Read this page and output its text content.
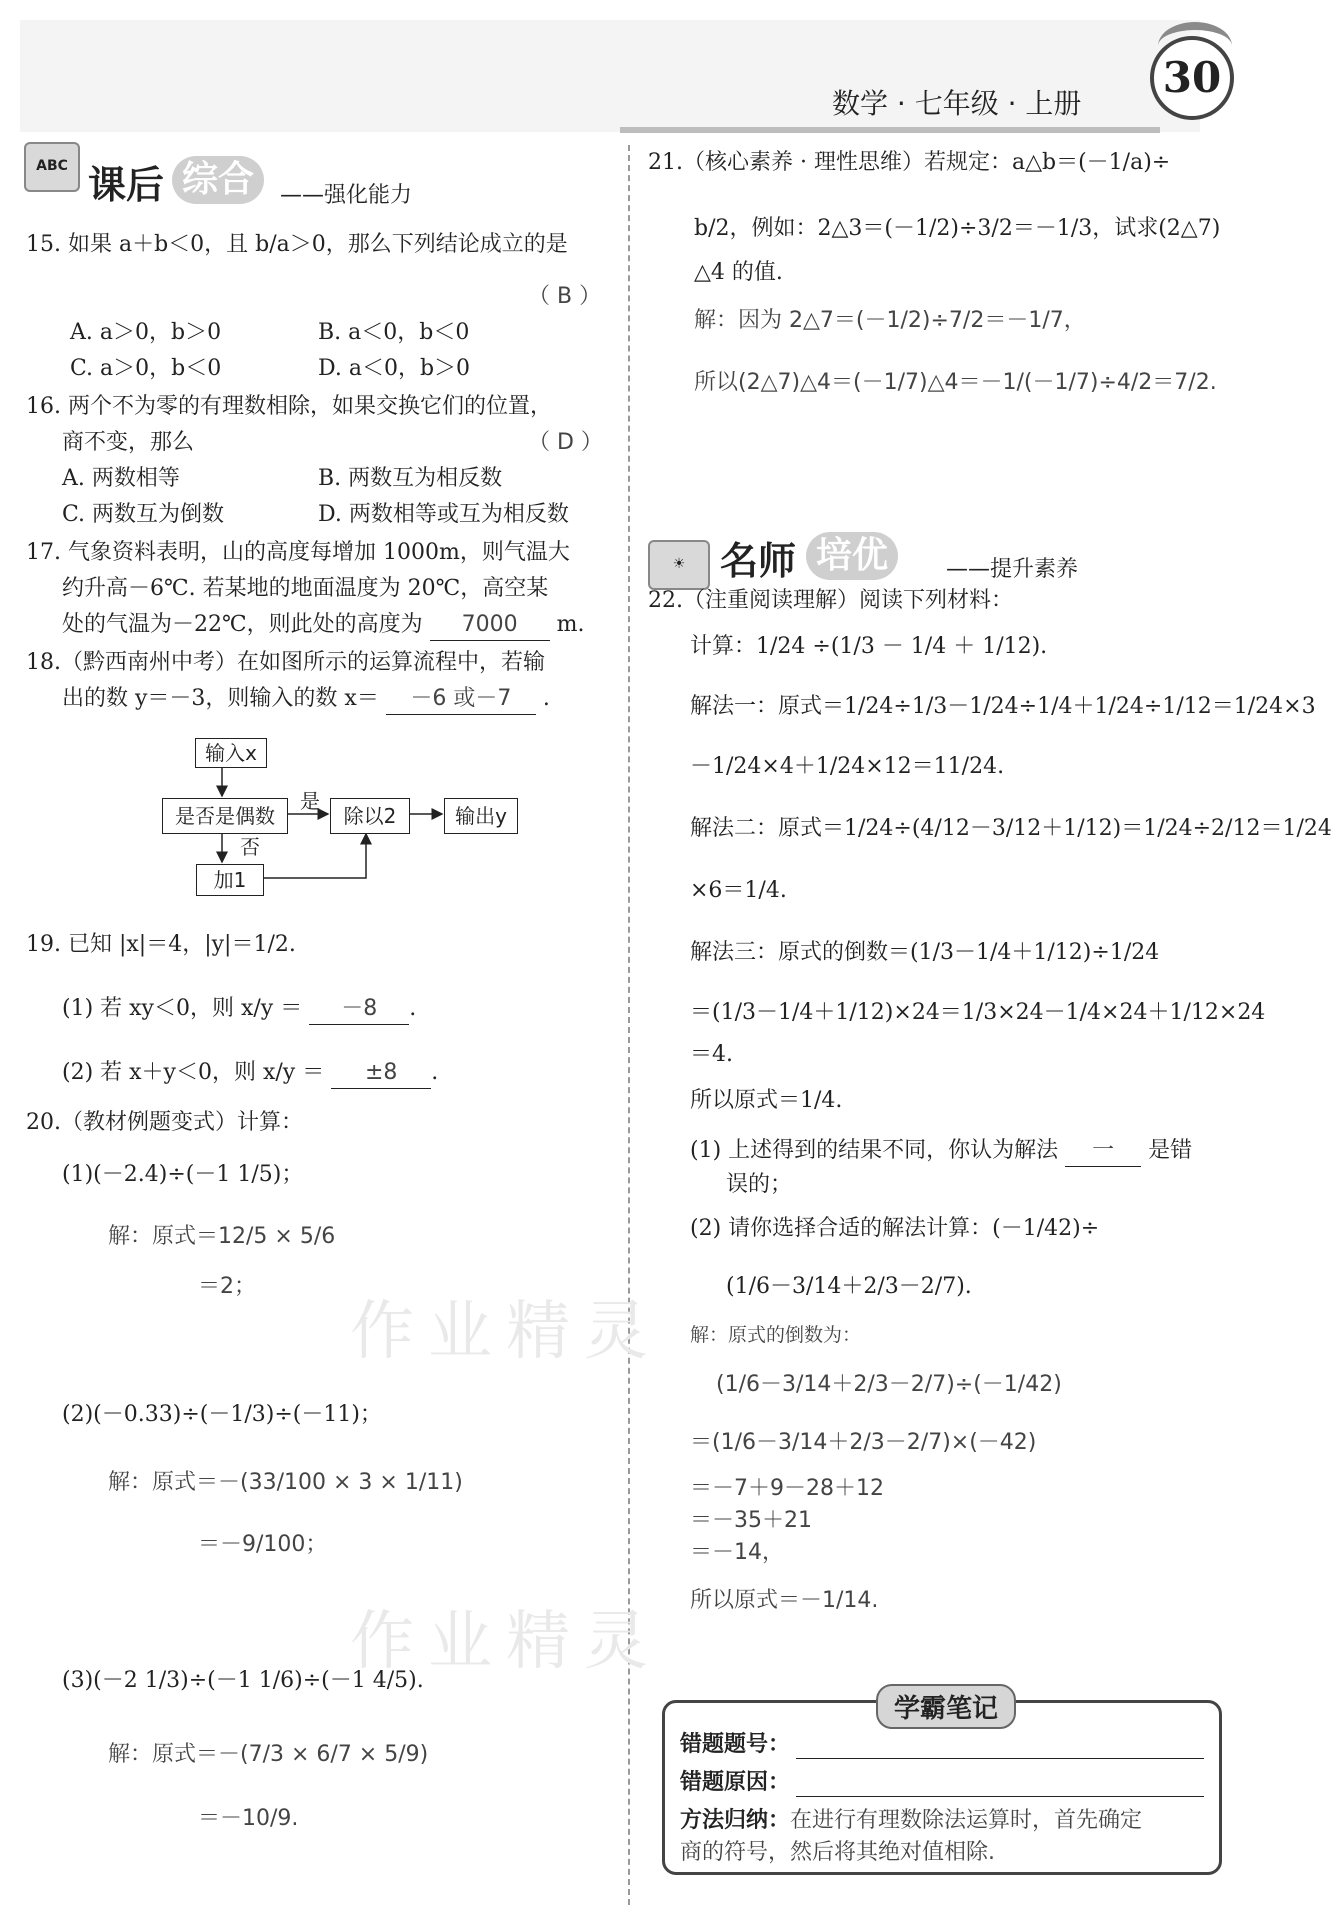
数学 · 七年级 · 上册
30
作业精灵
作业精灵
ABC 课后 综合	——强化能力
15. 如果 a＋b＜0，且 b/a＞0，那么下列结论成立的是
（ B ）
A. a＞0，b＞0	B. a＜0，b＜0
C. a＞0，b＜0	D. a＜0，b＞0
16. 两个不为零的有理数相除，如果交换它们的位置，
商不变，那么	（ D ）
A. 两数相等	B. 两数互为相反数
C. 两数互为倒数	D. 两数相等或互为相反数
17. 气象资料表明，山的高度每增加 1000m，则气温大
约升高－6℃. 若某地的地面温度为 20℃，高空某
处的气温为－22℃，则此处的高度为 7000 m.
18.（黔西南州中考）在如图所示的运算流程中，若输
出的数 y＝－3，则输入的数 x＝ －6 或－7 .
输入x
是否是偶数
是
除以2	输出y
否
加1
19. 已知 |x|＝4，|y|＝1/2.
(1) 若 xy＜0，则 x/y ＝ －8 .
(2) 若 x＋y＜0，则 x/y ＝ ±8 .
20.（教材例题变式）计算：
(1)(－2.4)÷(－1 1/5)；
解：原式＝12/5 × 5/6
＝2；
(2)(－0.33)÷(－1/3)÷(－11)；
解：原式＝－(33/100 × 3 × 1/11)
＝－9/100；
(3)(－2 1/3)÷(－1 1/6)÷(－1 4/5).
解：原式＝－(7/3 × 6/7 × 5/9)
＝－10/9.
21.（核心素养 · 理性思维）若规定：a△b＝(－1/a)÷
b/2，例如：2△3＝(－1/2)÷3/2＝－1/3，试求(2△7)
△4 的值.
解：因为 2△7＝(－1/2)÷7/2＝－1/7，
所以(2△7)△4＝(－1/7)△4＝－1/(－1/7)÷4/2＝7/2.
☀ 名师 培优	——提升素养
22.（注重阅读理解）阅读下列材料：
计算：1/24 ÷(1/3 － 1/4 ＋ 1/12).
解法一：原式＝1/24÷1/3－1/24÷1/4＋1/24÷1/12＝1/24×3
－1/24×4＋1/24×12＝11/24.
解法二：原式＝1/24÷(4/12－3/12＋1/12)＝1/24÷2/12＝1/24
×6＝1/4.
解法三：原式的倒数＝(1/3－1/4＋1/12)÷1/24
＝(1/3－1/4＋1/12)×24＝1/3×24－1/4×24＋1/12×24
＝4.
所以原式＝1/4.
(1) 上述得到的结果不同，你认为解法 一 是错
误的；
(2) 请你选择合适的解法计算：(－1/42)÷
(1/6－3/14＋2/3－2/7).
解：原式的倒数为：
(1/6－3/14＋2/3－2/7)÷(－1/42)
＝(1/6－3/14＋2/3－2/7)×(－42)
＝－7＋9－28＋12
＝－35＋21
＝－14，
所以原式＝－1/14.
学霸笔记
错题题号：
错题原因：
方法归纳：在进行有理数除法运算时，首先确定
商的符号，然后将其绝对值相除.
